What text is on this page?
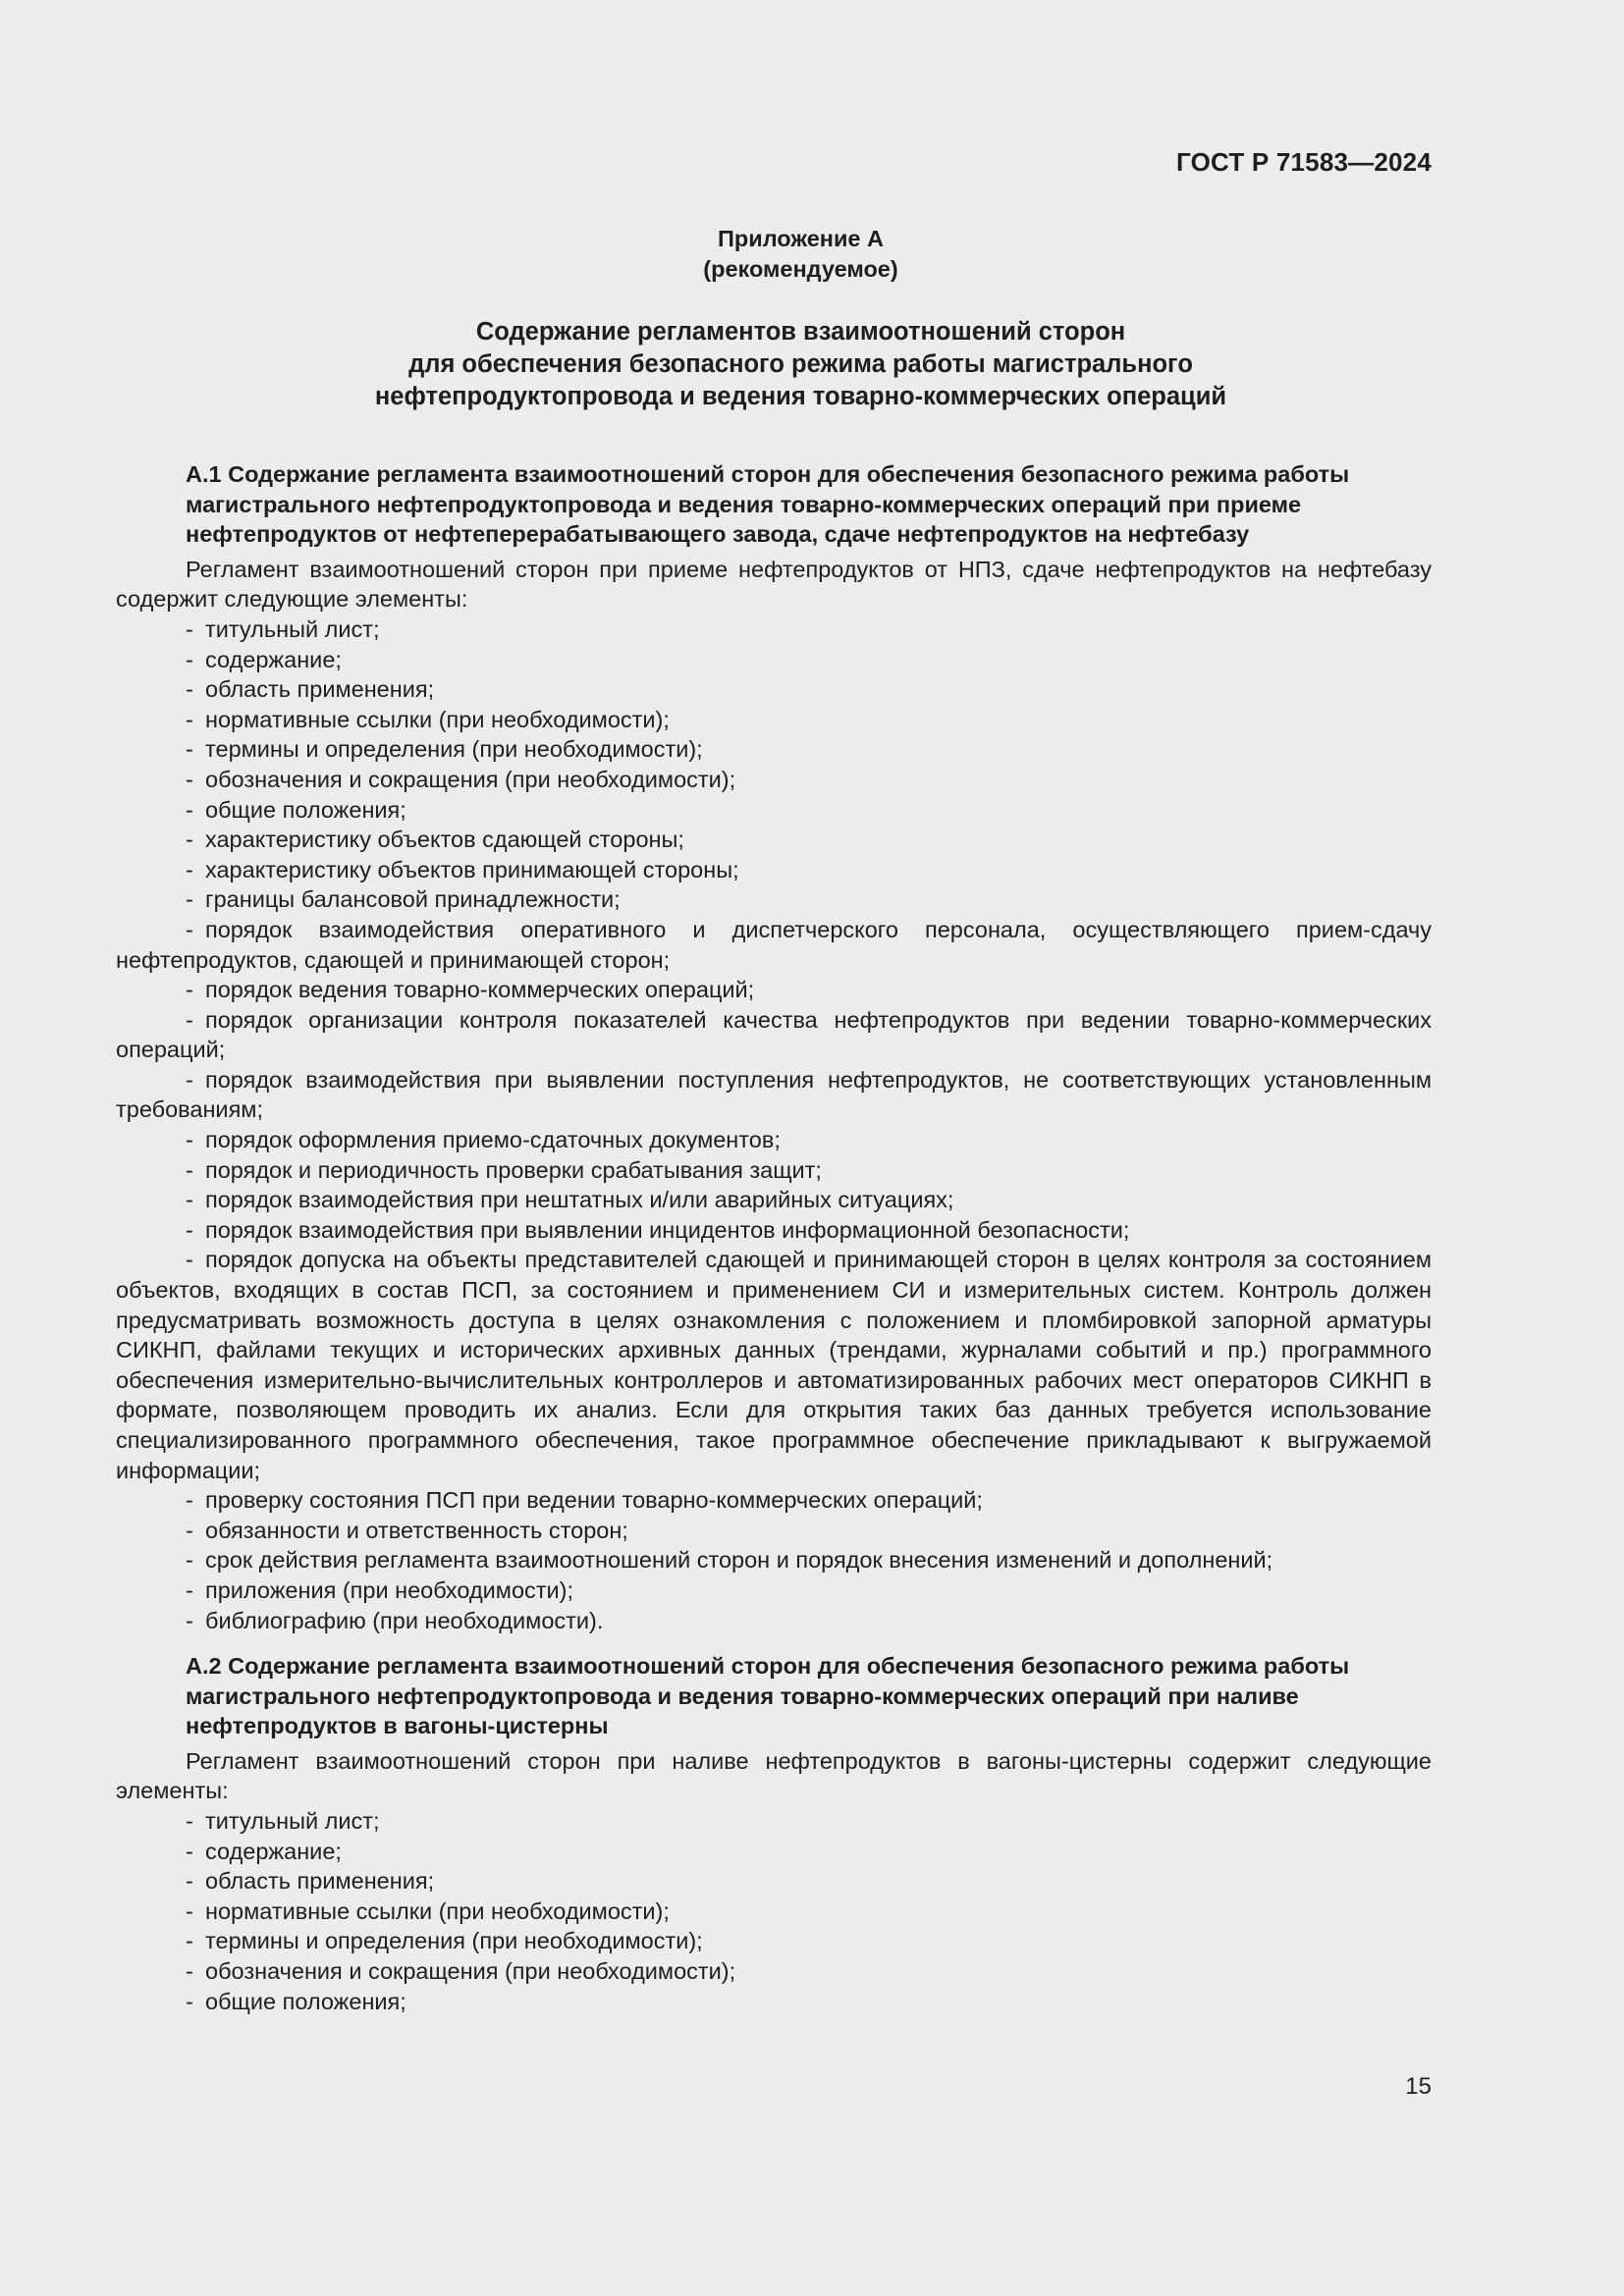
ГОСТ Р 71583—2024
Приложение А
(рекомендуемое)
Содержание регламентов взаимоотношений сторон
для обеспечения безопасного режима работы магистрального
нефтепродуктопровода и ведения товарно-коммерческих операций
А.1 Содержание регламента взаимоотношений сторон для обеспечения безопасного режима работы
магистрального нефтепродуктопровода и ведения товарно-коммерческих операций при приеме
нефтепродуктов от нефтеперерабатывающего завода, сдаче нефтепродуктов на нефтебазу

Регламент взаимоотношений сторон при приеме нефтепродуктов от НПЗ, сдаче нефтепродуктов на нефтебазу содержит следующие элементы:

- титульный лист;

- содержание;

- область применения;

- нормативные ссылки (при необходимости);

- термины и определения (при необходимости);

- обозначения и сокращения (при необходимости);

- общие положения;

- характеристику объектов сдающей стороны;

- характеристику объектов принимающей стороны;

- границы балансовой принадлежности;

- порядок взаимодействия оперативного и диспетчерского персонала, осуществляющего прием-сдачу нефтепродуктов, сдающей и принимающей сторон;

- порядок ведения товарно-коммерческих операций;

- порядок организации контроля показателей качества нефтепродуктов при ведении товарно-коммерческих операций;

- порядок взаимодействия при выявлении поступления нефтепродуктов, не соответствующих установленным требованиям;

- порядок оформления приемо-сдаточных документов;

- порядок и периодичность проверки срабатывания защит;

- порядок взаимодействия при нештатных и/или аварийных ситуациях;

- порядок взаимодействия при выявлении инцидентов информационной безопасности;

- порядок допуска на объекты представителей сдающей и принимающей сторон в целях контроля за состоянием объектов, входящих в состав ПСП, за состоянием и применением СИ и измерительных систем. Контроль должен предусматривать возможность доступа в целях ознакомления с положением и пломбировкой запорной арматуры СИКНП, файлами текущих и исторических архивных данных (трендами, журналами событий и пр.) программного обеспечения измерительно-вычислительных контроллеров и автоматизированных рабочих мест операторов СИКНП в формате, позволяющем проводить их анализ. Если для открытия таких баз данных требуется использование специализированного программного обеспечения, такое программное обеспечение прикладывают к выгружаемой информации;

- проверку состояния ПСП при ведении товарно-коммерческих операций;

- обязанности и ответственность сторон;

- срок действия регламента взаимоотношений сторон и порядок внесения изменений и дополнений;

- приложения (при необходимости);

- библиографию (при необходимости).

А.2 Содержание регламента взаимоотношений сторон для обеспечения безопасного режима работы
магистрального нефтепродуктопровода и ведения товарно-коммерческих операций при наливе
нефтепродуктов в вагоны-цистерны

Регламент взаимоотношений сторон при наливе нефтепродуктов в вагоны-цистерны содержит следующие элементы:

- титульный лист;

- содержание;

- область применения;

- нормативные ссылки (при необходимости);

- термины и определения (при необходимости);

- обозначения и сокращения (при необходимости);

- общие положения;

15
